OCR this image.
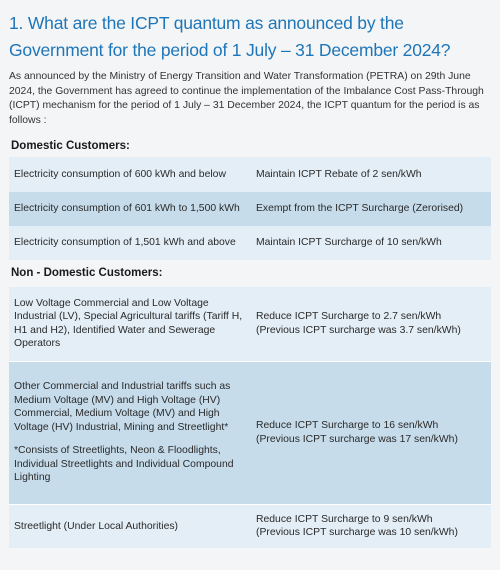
1. What are the ICPT quantum as announced by the Government for the period of 1 July – 31 December 2024?

As announced by the Ministry of Energy Transition and Water Transformation (PETRA) on 29th June 2024, the Government has agreed to continue the implementation of the Imbalance Cost Pass-Through (ICPT) mechanism for the period of 1 July – 31 December 2024, the ICPT quantum for the period is as follows :

Domestic Customers:
Electricity consumption of 600 kWh and below	Maintain ICPT Rebate of 2 sen/kWh
Electricity consumption of 601 kWh to 1,500 kWh	Exempt from the ICPT Surcharge (Zerorised)
Electricity consumption of 1,501 kWh and above	Maintain ICPT Surcharge of 10 sen/kWh
Non - Domestic Customers:
Low Voltage Commercial and Low Voltage Industrial (LV), Special Agricultural tariffs (Tariff H, H1 and H2), Identified Water and Sewerage Operators	Reduce ICPT Surcharge to 2.7 sen/kWh
(Previous ICPT surcharge was 3.7 sen/kWh)

Other Commercial and Industrial tariffs such as Medium Voltage (MV) and High Voltage (HV) Commercial, Medium Voltage (MV) and High Voltage (HV) Industrial, Mining and Streetlight*
*Consists of Streetlights, Neon & Floodlights, Individual Streetlights and Individual Compound Lighting	Reduce ICPT Surcharge to 16 sen/kWh
(Previous ICPT surcharge was 17 sen/kWh)

Streetlight (Under Local Authorities)	Reduce ICPT Surcharge to 9 sen/kWh
(Previous ICPT surcharge was 10 sen/kWh)
